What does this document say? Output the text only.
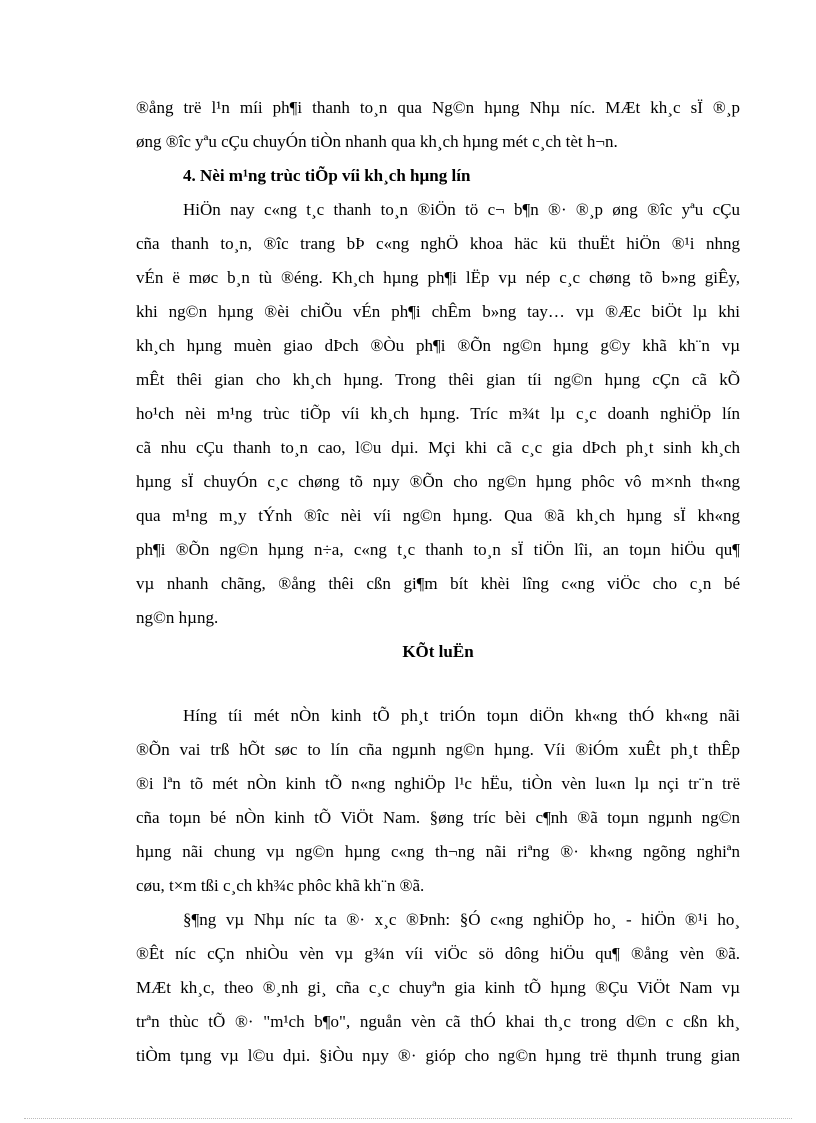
®ång trë l¹n míi ph¶i thanh to¸n qua Ng©n hµng Nhµ níc. MÆt kh¸c sÏ ®¸p
øng ®îc yªu cÇu chuyÓn tiÒn nhanh qua kh¸ch hµng mét c¸ch tèt h¬n.
4. Nèi m¹ng trùc tiÕp víi kh¸ch hµng lín
HiÖn nay c«ng t¸c thanh to¸n ®iÖn tö c¬ b¶n ®· ®¸p øng ®îc yªu cÇu
cña thanh to¸n, ®îc trang bÞ c«ng nghÖ khoa häc kü thuËt hiÖn ®¹i nhng
vÉn ë møc b¸n tù ®éng. Kh¸ch hµng ph¶i lËp vµ nép c¸c chøng tõ b»ng giÊy,
khi ng©n hµng ®èi chiÕu vÉn ph¶i chÊm b»ng tay… vµ ®Æc biÖt lµ khi
kh¸ch hµng muèn giao dÞch ®Òu ph¶i ®Õn ng©n hµng g©y khã kh¨n vµ
mÊt thêi gian cho kh¸ch hµng. Trong thêi gian tíi ng©n hµng cÇn cã kÕ
ho¹ch nèi m¹ng trùc tiÕp víi kh¸ch hµng. Tríc m¾t lµ c¸c doanh nghiÖp lín
cã nhu cÇu thanh to¸n cao, l©u dµi. Mçi khi cã c¸c gia dÞch ph¸t sinh kh¸ch
hµng sÏ chuyÓn c¸c chøng tõ nµy ®Õn cho ng©n hµng phôc vô m×nh th«ng
qua m¹ng m¸y tÝnh ®îc nèi víi ng©n hµng. Qua ®ã kh¸ch hµng sÏ kh«ng
ph¶i ®Õn ng©n hµng n÷a, c«ng t¸c thanh to¸n sÏ tiÖn lîi, an toµn hiÖu qu¶
vµ nhanh chãng, ®ång thêi cßn gi¶m bít khèi lîng c«ng viÖc cho c¸n bé
ng©n hµng.
KÕt luËn
Híng tíi mét nÒn kinh tÕ ph¸t triÓn toµn diÖn kh«ng thÓ kh«ng nãi
®Õn vai trß hÕt søc to lín cña ngµnh ng©n hµng. Víi ®iÓm xuÊt ph¸t thÊp
®i lªn tõ mét nÒn kinh tÕ n«ng nghiÖp l¹c hËu, tiÒn vèn lu«n lµ nçi tr¨n trë
cña toµn bé nÒn kinh tÕ ViÖt Nam. §øng tríc bèi c¶nh ®ã toµn ngµnh ng©n
hµng nãi chung vµ ng©n hµng c«ng th¬ng nãi riªng ®· kh«ng ngõng nghiªn
cøu, t×m tßi c¸ch kh¾c phôc khã kh¨n ®ã.
§¶ng vµ Nhµ níc ta ®· x¸c ®Þnh: §Ó c«ng nghiÖp ho¸ - hiÖn ®¹i ho¸
®Êt níc cÇn nhiÒu vèn vµ g¾n víi viÖc sö dông hiÖu qu¶ ®ång vèn ®ã.
MÆt kh¸c, theo ®¸nh gi¸ cña c¸c chuyªn gia kinh tÕ hµng ®Çu ViÖt Nam vµ
trªn thùc tÕ ®· "m¹ch b¶o", nguån vèn cã thÓ khai th¸c trong d©n c cßn kh¸
tiÒm tµng vµ l©u dµi. §iÒu nµy ®· gióp cho ng©n hµng trë thµnh trung gian
